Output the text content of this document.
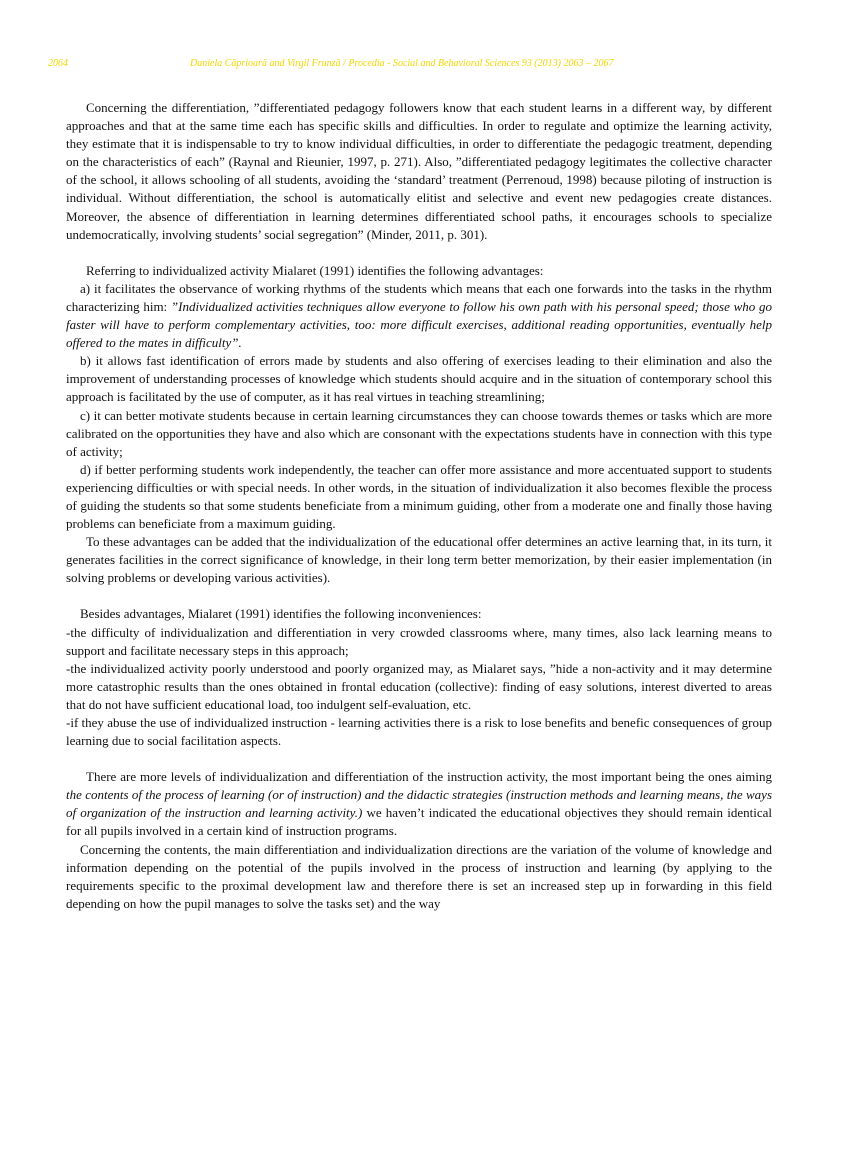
2064	Daniela Căprioară and Virgil Frunză / Procedia - Social and Behavioral Sciences 93 (2013) 2063 – 2067

Concerning the differentiation, ”differentiated pedagogy followers know that each student learns in a different way, by different approaches and that at the same time each has specific skills and difficulties. In order to regulate and optimize the learning activity, they estimate that it is indispensable to try to know individual difficulties, in order to differentiate the pedagogic treatment, depending on the characteristics of each” (Raynal and Rieunier, 1997, p. 271). Also, ”differentiated pedagogy legitimates the collective character of the school, it allows schooling of all students, avoiding the ‘standard’ treatment (Perrenoud, 1998) because piloting of instruction is individual. Without differentiation, the school is automatically elitist and selective and event new pedagogies create distances. Moreover, the absence of differentiation in learning determines differentiated school paths, it encourages schools to specialize undemocratically, involving students’ social segregation” (Minder, 2011, p. 301).

Referring to individualized activity Mialaret (1991) identifies the following advantages:

a) it facilitates the observance of working rhythms of the students which means that each one forwards into the tasks in the rhythm characterizing him: ”Individualized activities techniques allow everyone to follow his own path with his personal speed; those who go faster will have to perform complementary activities, too: more difficult exercises, additional reading opportunities, eventually help offered to the mates in difficulty”.

b) it allows fast identification of errors made by students and also offering of exercises leading to their elimination and also the improvement of understanding processes of knowledge which students should acquire and in the situation of contemporary school this approach is facilitated by the use of computer, as it has real virtues in teaching streamlining;

c) it can better motivate students because in certain learning circumstances they can choose towards themes or tasks which are more calibrated on the opportunities they have and also which are consonant with the expectations students have in connection with this type of activity;

d) if better performing students work independently, the teacher can offer more assistance and more accentuated support to students experiencing difficulties or with special needs. In other words, in the situation of individualization it also becomes flexible the process of guiding the students so that some students beneficiate from a minimum guiding, other from a moderate one and finally those having problems can beneficiate from a maximum guiding.

To these advantages can be added that the individualization of the educational offer determines an active learning that, in its turn, it generates facilities in the correct significance of knowledge, in their long term better memorization, by their easier implementation (in solving problems or developing various activities).

Besides advantages, Mialaret (1991) identifies the following inconveniences:

-the difficulty of individualization and differentiation in very crowded classrooms where, many times, also lack learning means to support and facilitate necessary steps in this approach;

-the individualized activity poorly understood and poorly organized may, as Mialaret says, ”hide a non-activity and it may determine more catastrophic results than the ones obtained in frontal education (collective): finding of easy solutions, interest diverted to areas that do not have sufficient educational load, too indulgent self-evaluation, etc.

-if they abuse the use of individualized instruction - learning activities there is a risk to lose benefits and benefic consequences of group learning due to social facilitation aspects.

There are more levels of individualization and differentiation of the instruction activity, the most important being the ones aiming the contents of the process of learning (or of instruction) and the didactic strategies (instruction methods and learning means, the ways of organization of the instruction and learning activity.) we haven’t indicated the educational objectives they should remain identical for all pupils involved in a certain kind of instruction programs.

Concerning the contents, the main differentiation and individualization directions are the variation of the volume of knowledge and information depending on the potential of the pupils involved in the process of instruction and learning (by applying to the requirements specific to the proximal development law and therefore there is set an increased step up in forwarding in this field depending on how the pupil manages to solve the tasks set) and the way
